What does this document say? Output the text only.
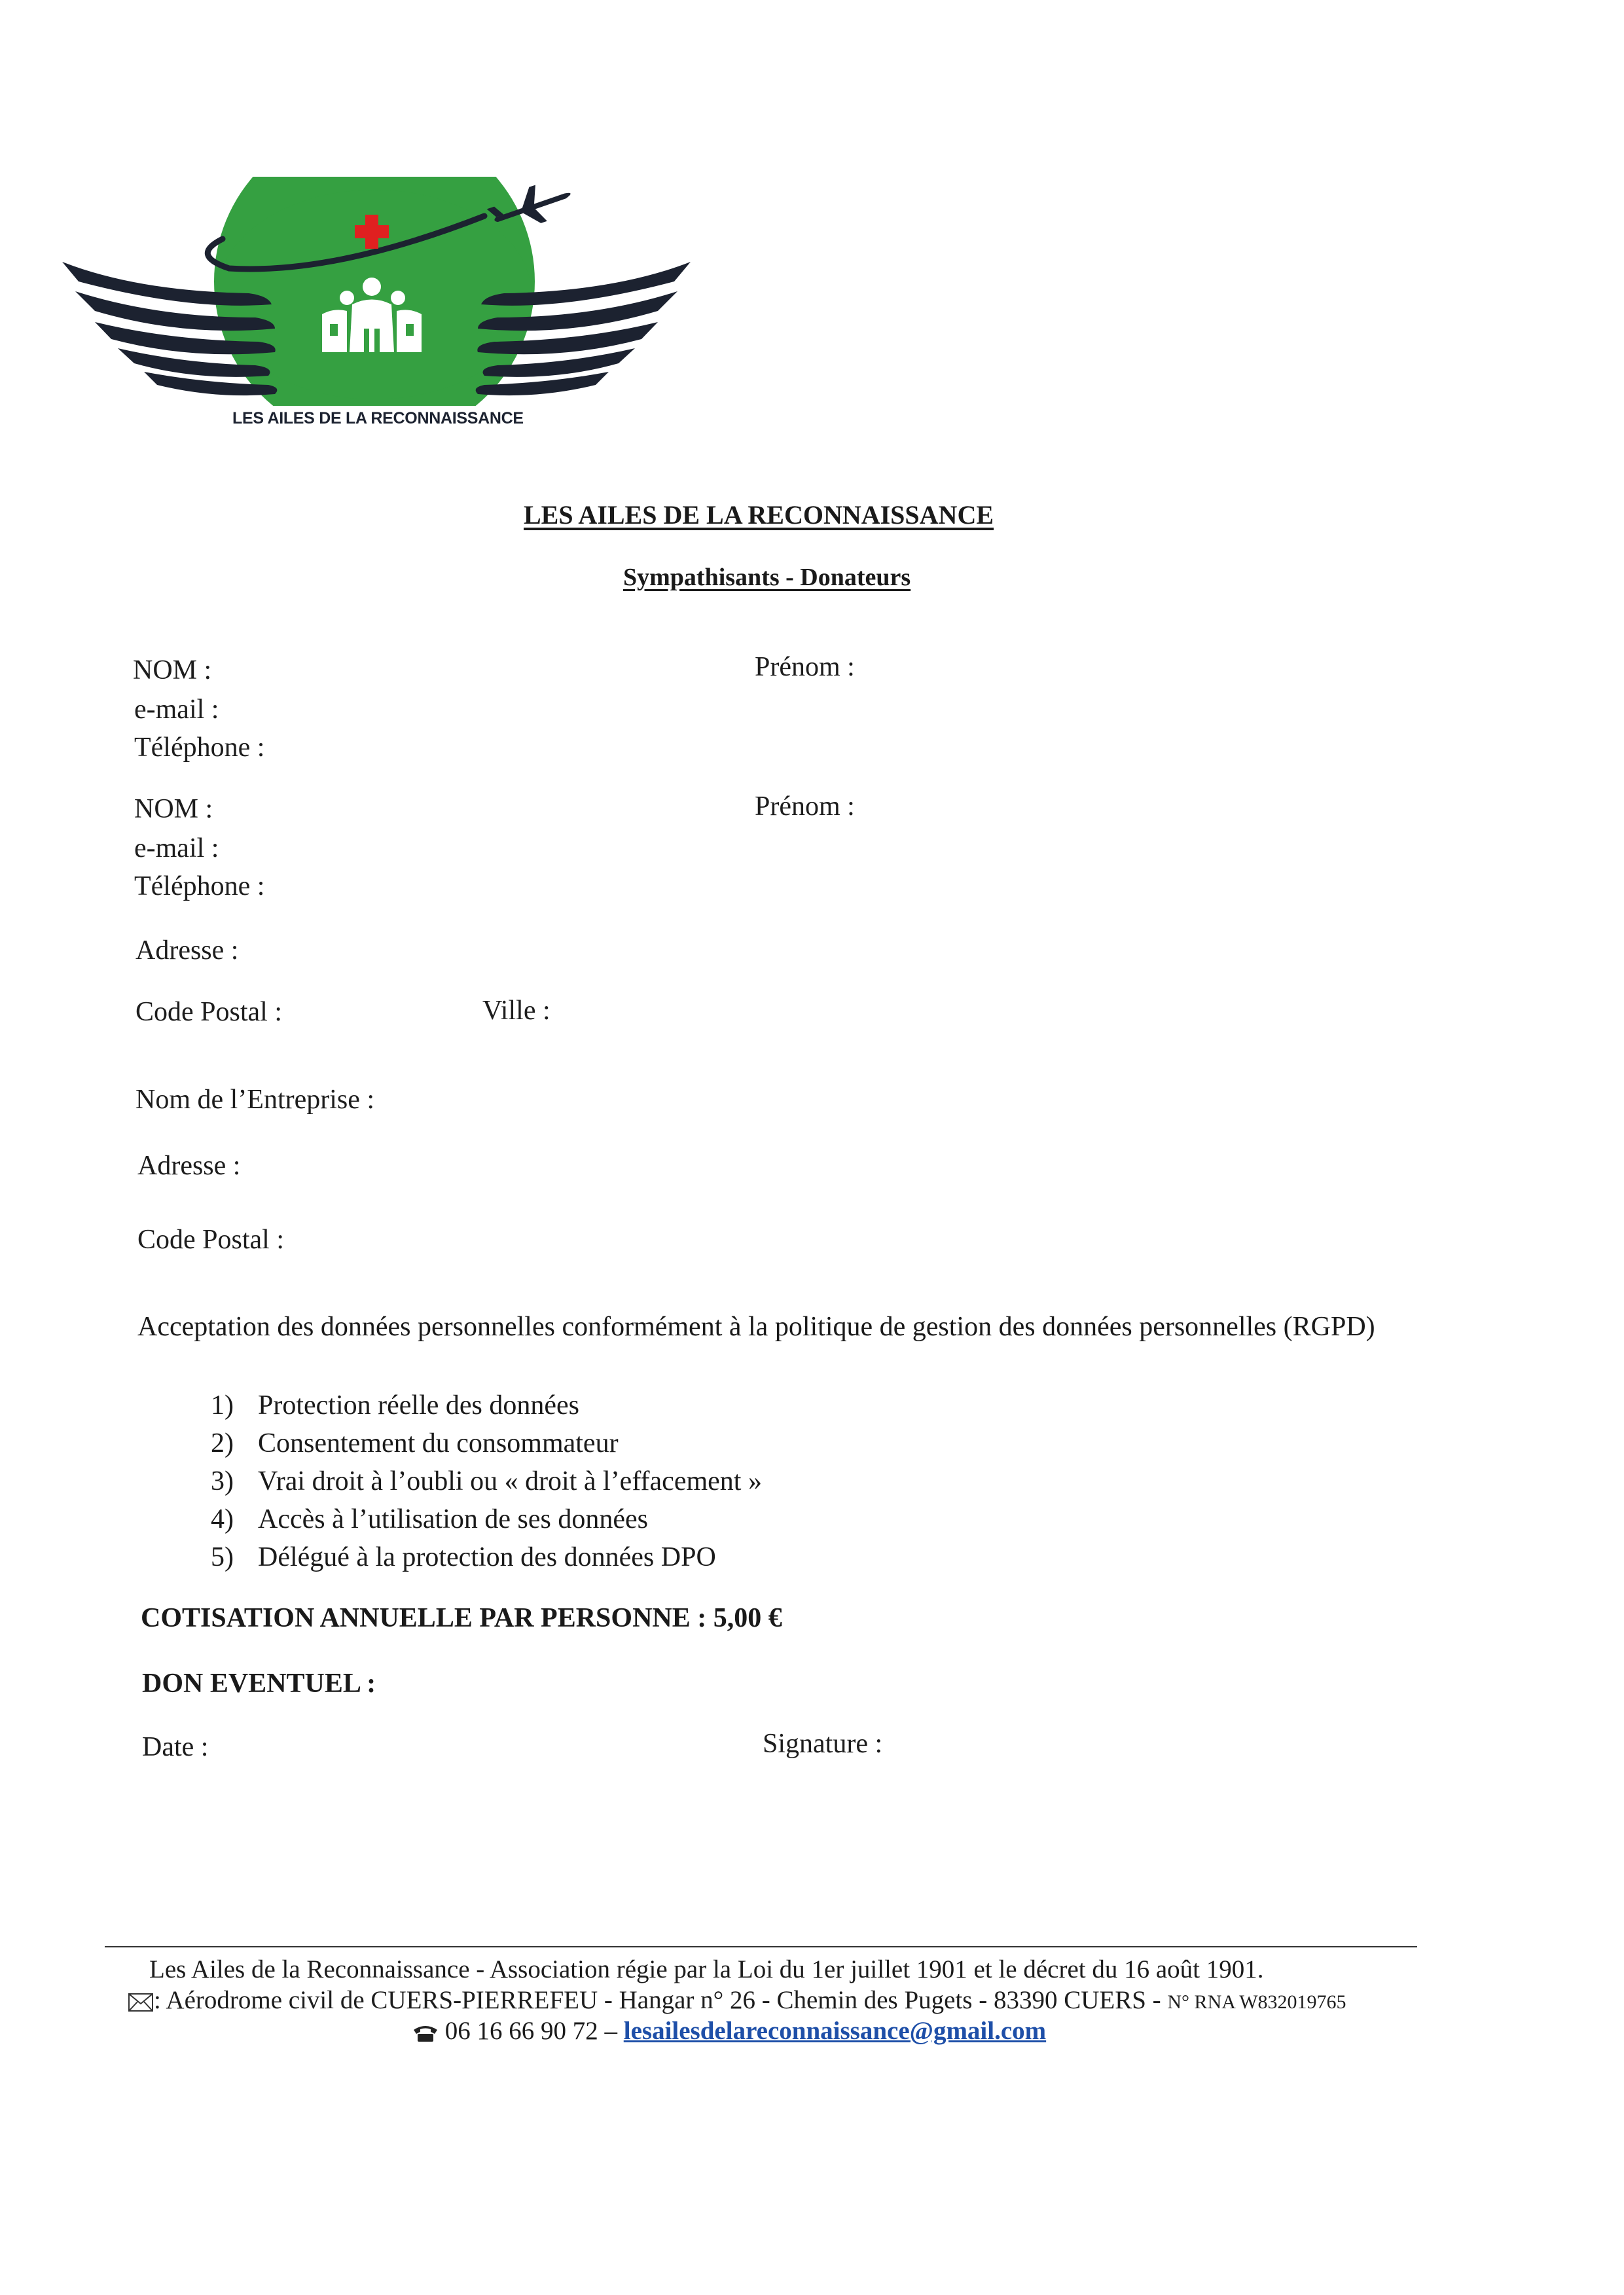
LES AILES DE LA RECONNAISSANCE
LES AILES DE LA RECONNAISSANCE
Sympathisants - Donateurs
NOM :	Prénom :
e-mail :
Téléphone :
NOM :	Prénom :
e-mail :
Téléphone :
Adresse :
Code Postal :	Ville :
Nom de l’Entreprise :
Adresse :
Code Postal :
Acceptation des données personnelles conformément à la politique de gestion des données personnelles (RGPD)
1) Protection réelle des données
2) Consentement du consommateur
3) Vrai droit à l’oubli ou « droit à l’effacement »
4) Accès à l’utilisation de ses données
5) Délégué à la protection des données DPO
COTISATION ANNUELLE PAR PERSONNE : 5,00 €
DON EVENTUEL :
Date :	Signature :
Les Ailes de la Reconnaissance - Association régie par la Loi du 1er juillet 1901 et le décret du 16 août 1901.
: Aérodrome civil de CUERS-PIERREFEU - Hangar n° 26 - Chemin des Pugets - 83390 CUERS - N° RNA W832019765
06 16 66 90 72 – lesailesdelareconnaissance@gmail.com
